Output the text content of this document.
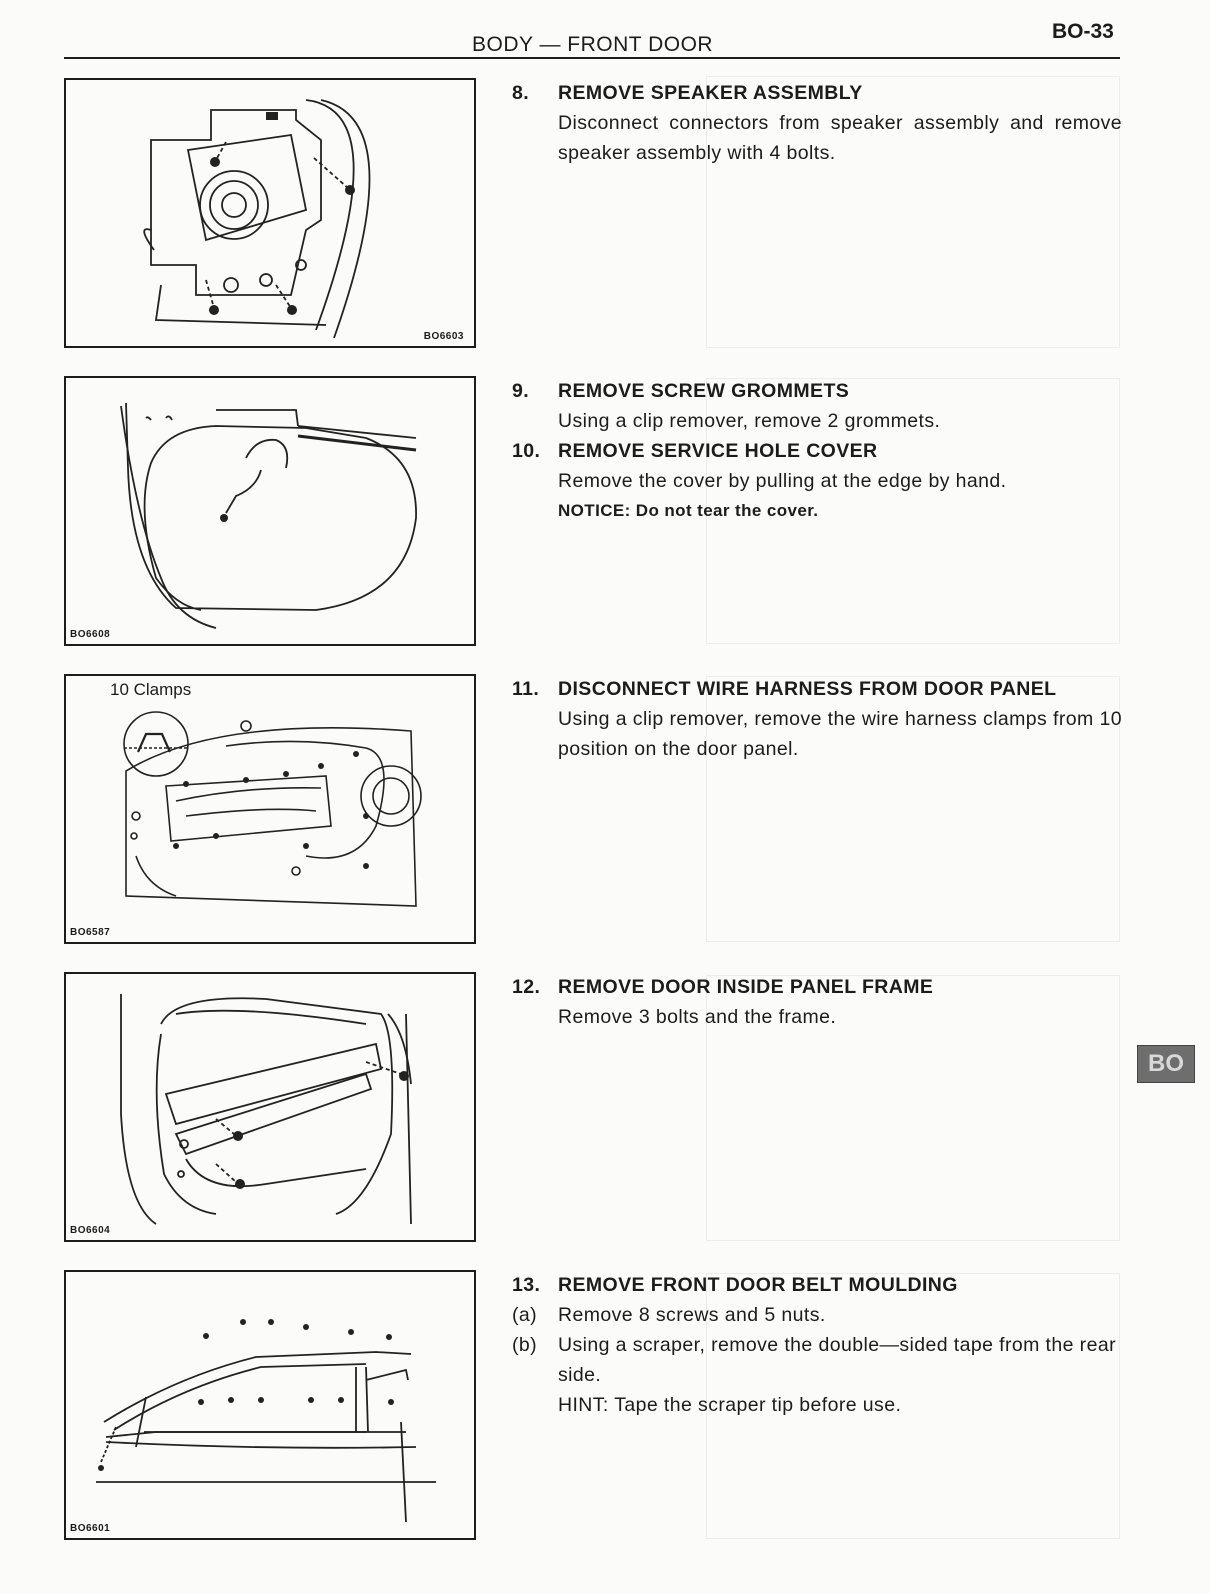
BODY — FRONT DOOR
BO-33
BO6603
BO6608
10 Clamps
BO6587
BO6604
BO6601
8.	REMOVE SPEAKER ASSEMBLY
Disconnect connectors from speaker assembly and remove speaker assembly with 4 bolts.
9.	REMOVE SCREW GROMMETS
Using a clip remover, remove 2 grommets.
10. REMOVE SERVICE HOLE COVER
Remove the cover by pulling at the edge by hand.
NOTICE: Do not tear the cover.
11. DISCONNECT WIRE HARNESS FROM DOOR PANEL
Using a clip remover, remove the wire harness clamps from 10 position on the door panel.
12. REMOVE DOOR INSIDE PANEL FRAME
Remove 3 bolts and the frame.
13. REMOVE FRONT DOOR BELT MOULDING
(a)	Remove 8 screws and 5 nuts.
(b)	Using a scraper, remove the double—sided tape from the rear side.
HINT: Tape the scraper tip before use.
BO
